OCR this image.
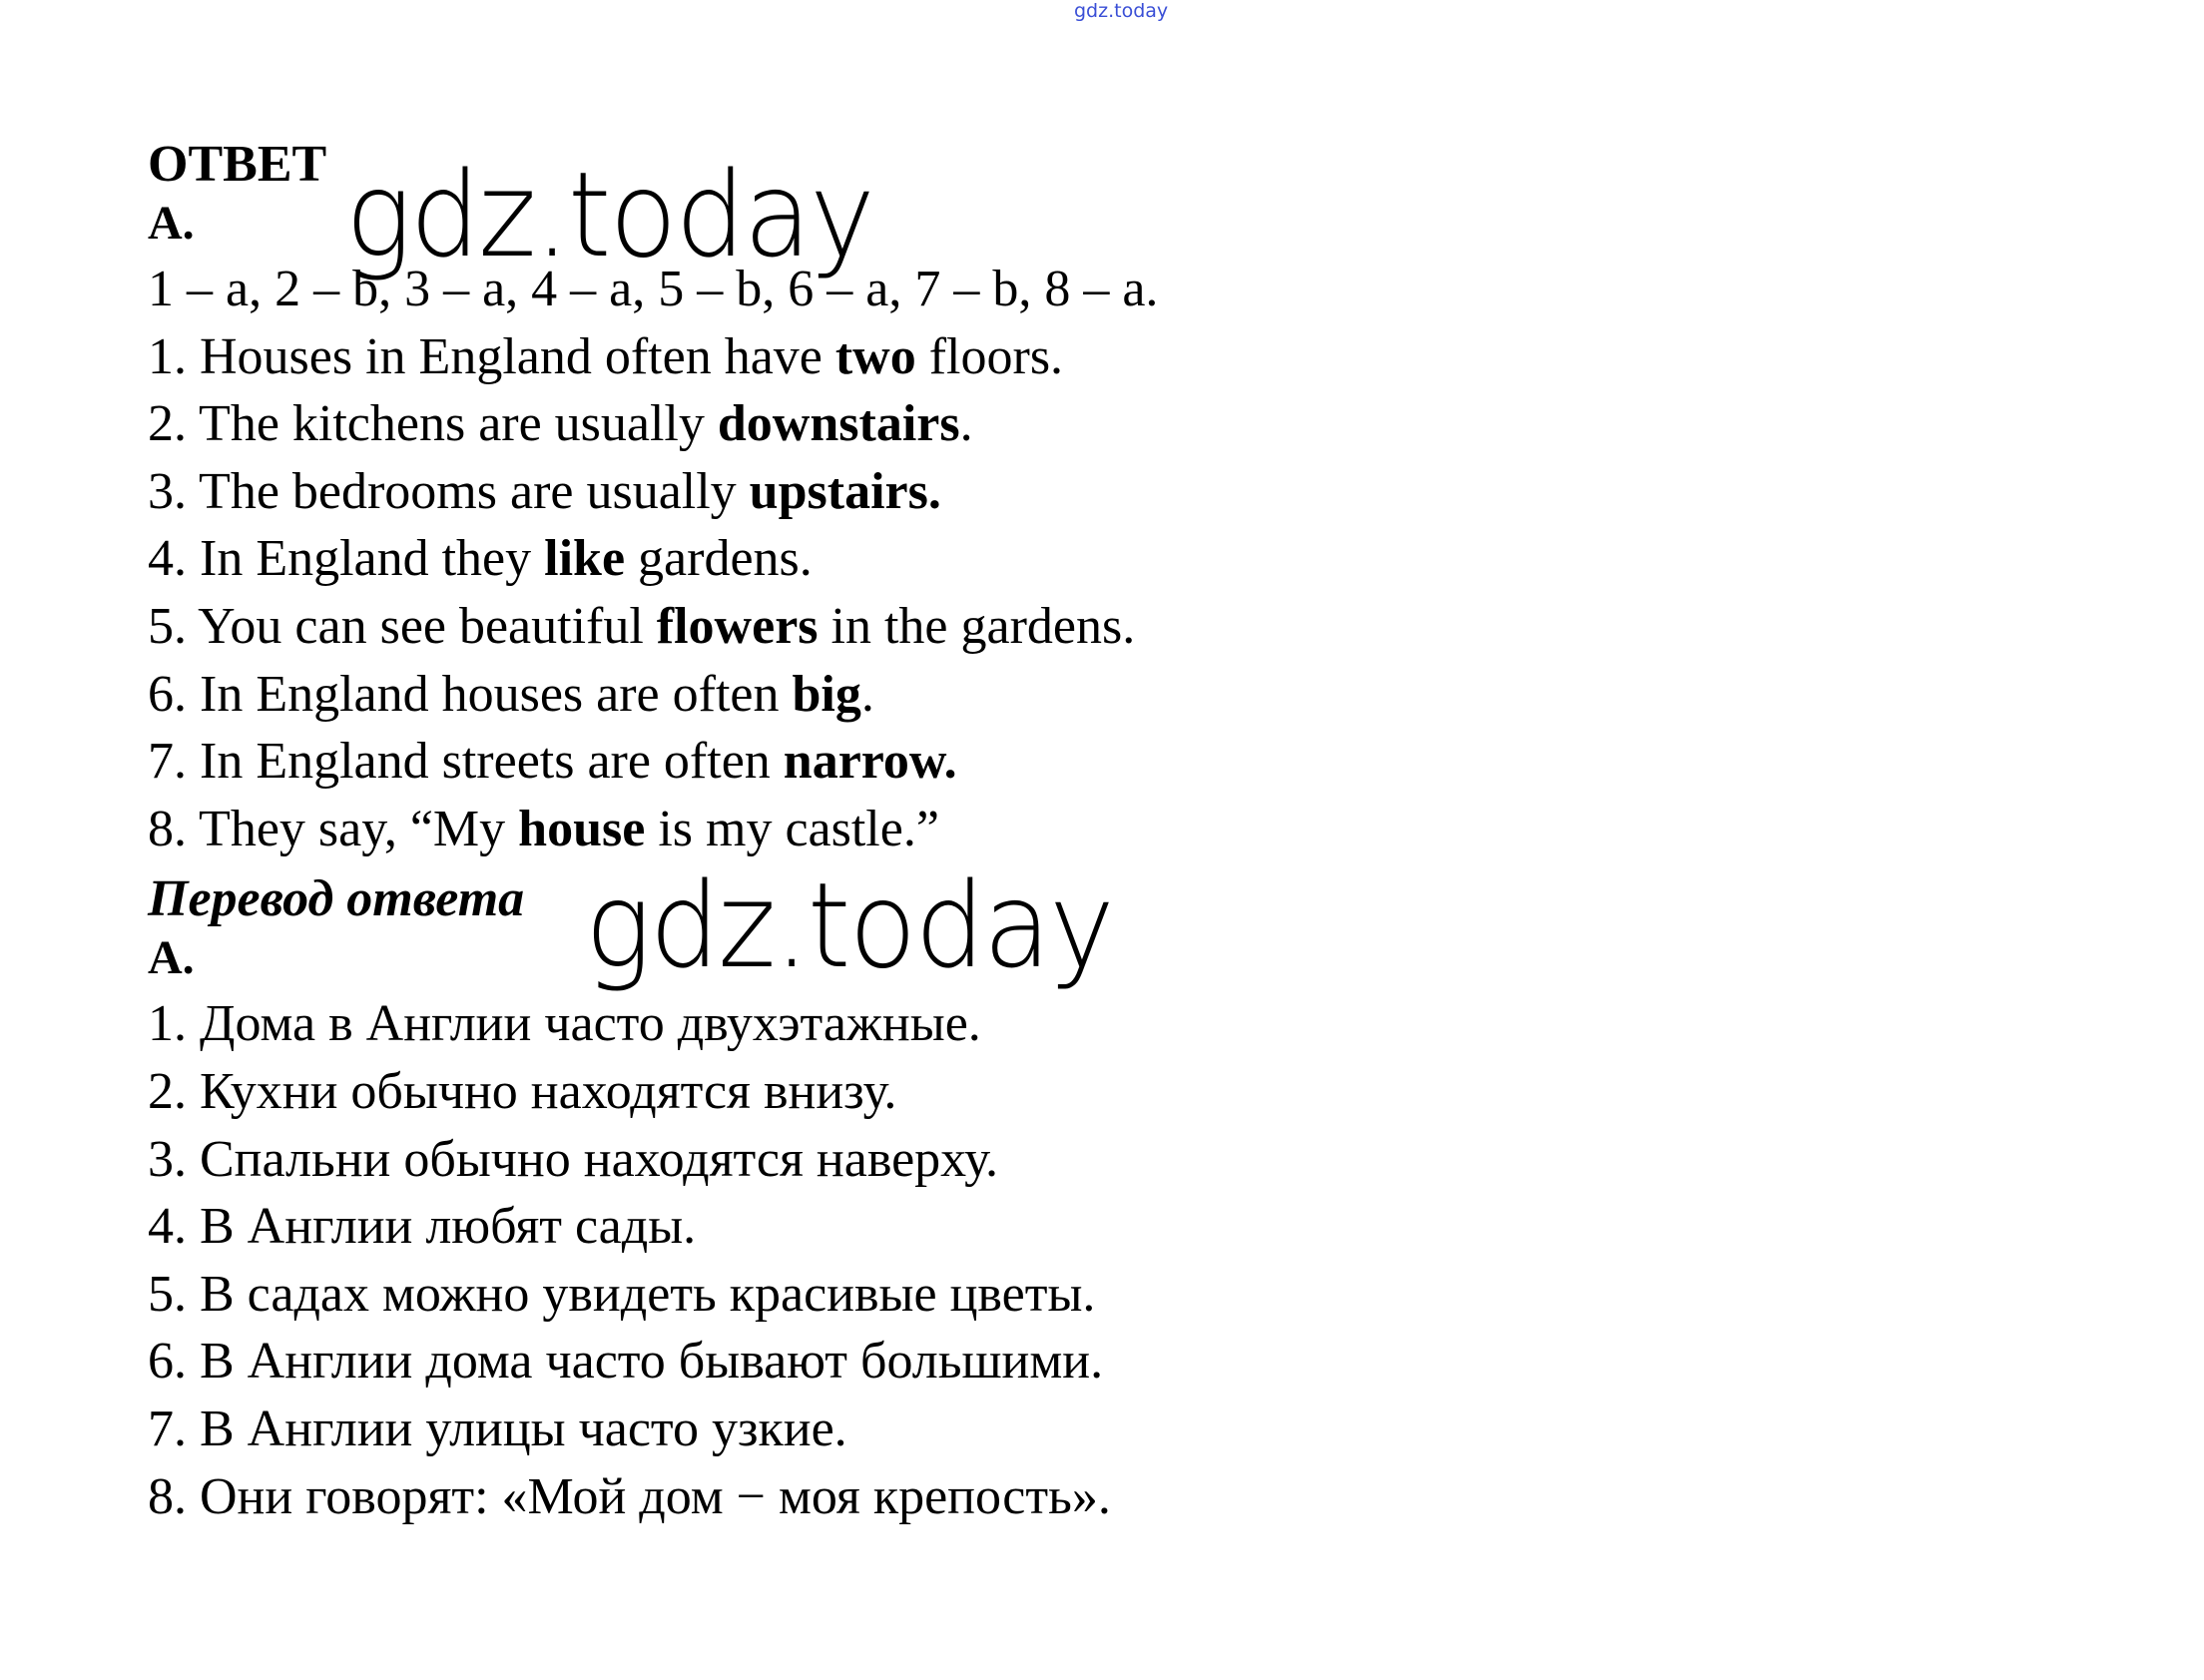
gdz.today
ОТВЕТ
A.
1 – a, 2 – b, 3 – a, 4 – a, 5 – b, 6 – a, 7 – b, 8 – a.
1. Houses in England often have two floors.
2. The kitchens are usually downstairs.
3. The bedrooms are usually upstairs.
4. In England they like gardens.
5. You can see beautiful flowers in the gardens.
6. In England houses are often big.
7. In England streets are often narrow.
8. They say, “My house is my castle.”
Перевод ответа
A.
1. Дома в Англии часто двухэтажные.
2. Кухни обычно находятся внизу.
3. Спальни обычно находятся наверху.
4. В Англии любят сады.
5. В садах можно увидеть красивые цветы.
6. В Англии дома часто бывают большими.
7. В Англии улицы часто узкие.
8. Они говорят: «Мой дом − моя крепость».
gdz.today
gdz.today
